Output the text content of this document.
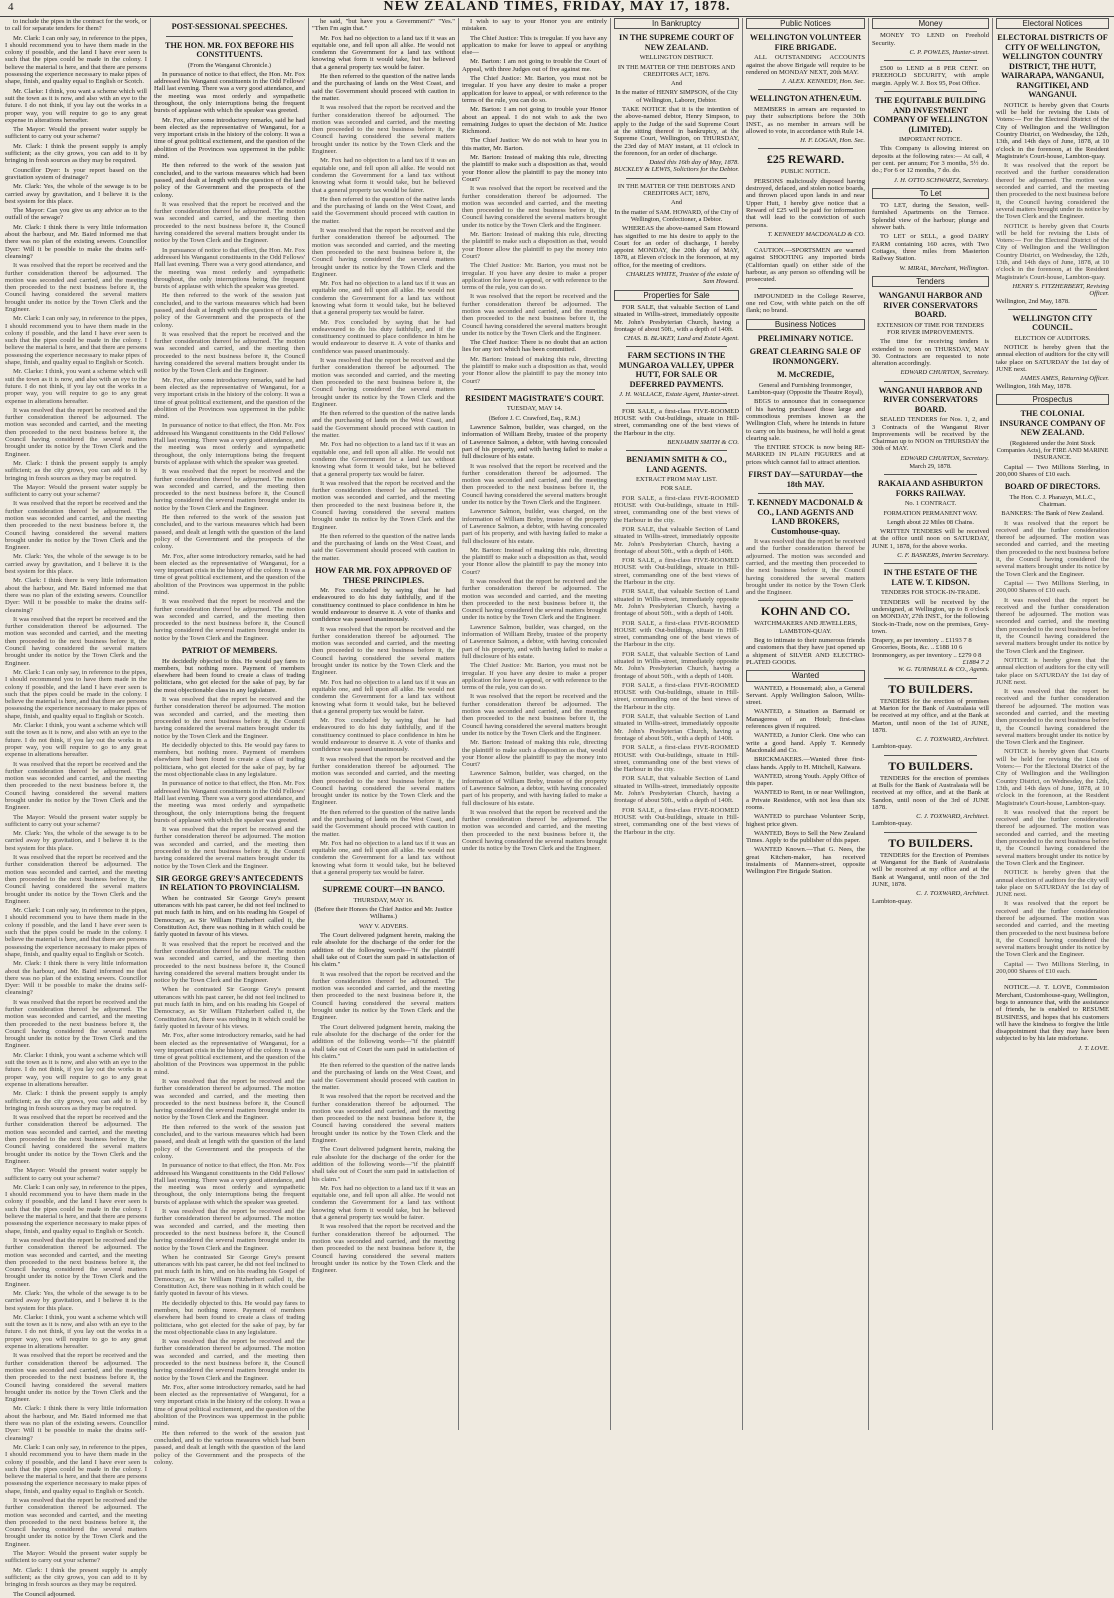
4	NEW ZEALAND TIMES, FRIDAY, MAY 17, 1878.

to include the pipes in the contract for the work, or to call for separate tenders for them?

Mr. Clark: I can only say, in reference to the pipes, I should recommend you to have them made in the colony if possible, and the land I have ever seen is such that the pipes could be made in the colony. I believe the material is here, and that there are persons possessing the experience necessary to make pipes of shape, finish, and quality equal to English or Scotch.

Mr. Clarke: I think, you want a scheme which will suit the town as it is now, and also with an eye to the future. I do not think, if you lay out the works in a proper way, you will require to go to any great expense in alterations hereafter.

The Mayor: Would the present water supply be sufficient to carry out your scheme?

Mr. Clark: I think the present supply is amply sufficient; as the city grows, you can add to it by bringing in fresh sources as they may be required.

Councillor Dyer: Is your report based on the gravitation system of drainage?

Mr. Clark: Yes, the whole of the sewage is to be carried away by gravitation, and I believe it is the best system for this place.

The Mayor: Can you give us any advice as to the outfall of the sewage?

Mr. Clark: I think there is very little information about the harbour, and Mr. Baird informed me that there was no plan of the existing sewers. Councillor Dyer: Will it be possible to make the drains self-cleansing?

It was resolved that the report be received and the further consideration thereof be adjourned. The motion was seconded and carried, and the meeting then proceeded to the next business before it, the Council having considered the several matters brought under its notice by the Town Clerk and the Engineer.

Mr. Clark: I can only say, in reference to the pipes, I should recommend you to have them made in the colony if possible, and the land I have ever seen is such that the pipes could be made in the colony. I believe the material is here, and that there are persons possessing the experience necessary to make pipes of shape, finish, and quality equal to English or Scotch.

Mr. Clarke: I think, you want a scheme which will suit the town as it is now, and also with an eye to the future. I do not think, if you lay out the works in a proper way, you will require to go to any great expense in alterations hereafter.

It was resolved that the report be received and the further consideration thereof be adjourned. The motion was seconded and carried, and the meeting then proceeded to the next business before it, the Council having considered the several matters brought under its notice by the Town Clerk and the Engineer.

Mr. Clark: I think the present supply is amply sufficient; as the city grows, you can add to it by bringing in fresh sources as they may be required.

The Mayor: Would the present water supply be sufficient to carry out your scheme?

It was resolved that the report be received and the further consideration thereof be adjourned. The motion was seconded and carried, and the meeting then proceeded to the next business before it, the Council having considered the several matters brought under its notice by the Town Clerk and the Engineer.

Mr. Clark: Yes, the whole of the sewage is to be carried away by gravitation, and I believe it is the best system for this place.

Mr. Clark: I think there is very little information about the harbour, and Mr. Baird informed me that there was no plan of the existing sewers. Councillor Dyer: Will it be possible to make the drains self-cleansing?

It was resolved that the report be received and the further consideration thereof be adjourned. The motion was seconded and carried, and the meeting then proceeded to the next business before it, the Council having considered the several matters brought under its notice by the Town Clerk and the Engineer.

Mr. Clark: I can only say, in reference to the pipes, I should recommend you to have them made in the colony if possible, and the land I have ever seen is such that the pipes could be made in the colony. I believe the material is here, and that there are persons possessing the experience necessary to make pipes of shape, finish, and quality equal to English or Scotch.

Mr. Clarke: I think, you want a scheme which will suit the town as it is now, and also with an eye to the future. I do not think, if you lay out the works in a proper way, you will require to go to any great expense in alterations hereafter.

It was resolved that the report be received and the further consideration thereof be adjourned. The motion was seconded and carried, and the meeting then proceeded to the next business before it, the Council having considered the several matters brought under its notice by the Town Clerk and the Engineer.

The Mayor: Would the present water supply be sufficient to carry out your scheme?

Mr. Clark: Yes, the whole of the sewage is to be carried away by gravitation, and I believe it is the best system for this place.

It was resolved that the report be received and the further consideration thereof be adjourned. The motion was seconded and carried, and the meeting then proceeded to the next business before it, the Council having considered the several matters brought under its notice by the Town Clerk and the Engineer.

Mr. Clark: I can only say, in reference to the pipes, I should recommend you to have them made in the colony if possible, and the land I have ever seen is such that the pipes could be made in the colony. I believe the material is here, and that there are persons possessing the experience necessary to make pipes of shape, finish, and quality equal to English or Scotch.

Mr. Clark: I think there is very little information about the harbour, and Mr. Baird informed me that there was no plan of the existing sewers. Councillor Dyer: Will it be possible to make the drains self-cleansing?

It was resolved that the report be received and the further consideration thereof be adjourned. The motion was seconded and carried, and the meeting then proceeded to the next business before it, the Council having considered the several matters brought under its notice by the Town Clerk and the Engineer.

Mr. Clarke: I think, you want a scheme which will suit the town as it is now, and also with an eye to the future. I do not think, if you lay out the works in a proper way, you will require to go to any great expense in alterations hereafter.

Mr. Clark: I think the present supply is amply sufficient; as the city grows, you can add to it by bringing in fresh sources as they may be required.

It was resolved that the report be received and the further consideration thereof be adjourned. The motion was seconded and carried, and the meeting then proceeded to the next business before it, the Council having considered the several matters brought under its notice by the Town Clerk and the Engineer.

The Mayor: Would the present water supply be sufficient to carry out your scheme?

Mr. Clark: I can only say, in reference to the pipes, I should recommend you to have them made in the colony if possible, and the land I have ever seen is such that the pipes could be made in the colony. I believe the material is here, and that there are persons possessing the experience necessary to make pipes of shape, finish, and quality equal to English or Scotch.

It was resolved that the report be received and the further consideration thereof be adjourned. The motion was seconded and carried, and the meeting then proceeded to the next business before it, the Council having considered the several matters brought under its notice by the Town Clerk and the Engineer.

Mr. Clark: Yes, the whole of the sewage is to be carried away by gravitation, and I believe it is the best system for this place.

Mr. Clarke: I think, you want a scheme which will suit the town as it is now, and also with an eye to the future. I do not think, if you lay out the works in a proper way, you will require to go to any great expense in alterations hereafter.

It was resolved that the report be received and the further consideration thereof be adjourned. The motion was seconded and carried, and the meeting then proceeded to the next business before it, the Council having considered the several matters brought under its notice by the Town Clerk and the Engineer.

Mr. Clark: I think there is very little information about the harbour, and Mr. Baird informed me that there was no plan of the existing sewers. Councillor Dyer: Will it be possible to make the drains self-cleansing?

Mr. Clark: I can only say, in reference to the pipes, I should recommend you to have them made in the colony if possible, and the land I have ever seen is such that the pipes could be made in the colony. I believe the material is here, and that there are persons possessing the experience necessary to make pipes of shape, finish, and quality equal to English or Scotch.

It was resolved that the report be received and the further consideration thereof be adjourned. The motion was seconded and carried, and the meeting then proceeded to the next business before it, the Council having considered the several matters brought under its notice by the Town Clerk and the Engineer.

The Mayor: Would the present water supply be sufficient to carry out your scheme?

Mr. Clark: I think the present supply is amply sufficient; as the city grows, you can add to it by bringing in fresh sources as they may be required.

The Council adjourned.

POST-SESSIONAL SPEECHES.
THE HON. MR. FOX BEFORE HIS CONSTITUENTS.
(From the Wanganui Chronicle.)

In pursuance of notice to that effect, the Hon. Mr. Fox addressed his Wanganui constituents in the Odd Fellows' Hall last evening. There was a very good attendance, and the meeting was most orderly and sympathetic throughout, the only interruptions being the frequent bursts of applause with which the speaker was greeted.

Mr. Fox, after some introductory remarks, said he had been elected as the representative of Wanganui, for a very important crisis in the history of the colony. It was a time of great political excitement, and the question of the abolition of the Provinces was uppermost in the public mind.

He then referred to the work of the session just concluded, and to the various measures which had been passed, and dealt at length with the question of the land policy of the Government and the prospects of the colony.

It was resolved that the report be received and the further consideration thereof be adjourned. The motion was seconded and carried, and the meeting then proceeded to the next business before it, the Council having considered the several matters brought under its notice by the Town Clerk and the Engineer.

In pursuance of notice to that effect, the Hon. Mr. Fox addressed his Wanganui constituents in the Odd Fellows' Hall last evening. There was a very good attendance, and the meeting was most orderly and sympathetic throughout, the only interruptions being the frequent bursts of applause with which the speaker was greeted.

He then referred to the work of the session just concluded, and to the various measures which had been passed, and dealt at length with the question of the land policy of the Government and the prospects of the colony.

It was resolved that the report be received and the further consideration thereof be adjourned. The motion was seconded and carried, and the meeting then proceeded to the next business before it, the Council having considered the several matters brought under its notice by the Town Clerk and the Engineer.

Mr. Fox, after some introductory remarks, said he had been elected as the representative of Wanganui, for a very important crisis in the history of the colony. It was a time of great political excitement, and the question of the abolition of the Provinces was uppermost in the public mind.

In pursuance of notice to that effect, the Hon. Mr. Fox addressed his Wanganui constituents in the Odd Fellows' Hall last evening. There was a very good attendance, and the meeting was most orderly and sympathetic throughout, the only interruptions being the frequent bursts of applause with which the speaker was greeted.

It was resolved that the report be received and the further consideration thereof be adjourned. The motion was seconded and carried, and the meeting then proceeded to the next business before it, the Council having considered the several matters brought under its notice by the Town Clerk and the Engineer.

He then referred to the work of the session just concluded, and to the various measures which had been passed, and dealt at length with the question of the land policy of the Government and the prospects of the colony.

Mr. Fox, after some introductory remarks, said he had been elected as the representative of Wanganui, for a very important crisis in the history of the colony. It was a time of great political excitement, and the question of the abolition of the Provinces was uppermost in the public mind.

It was resolved that the report be received and the further consideration thereof be adjourned. The motion was seconded and carried, and the meeting then proceeded to the next business before it, the Council having considered the several matters brought under its notice by the Town Clerk and the Engineer.

PATRIOT OF MEMBERS.

He decidedly objected to this. He would pay fares to members, but nothing more. Payment of members elsewhere had been found to create a class of trading politicians, who got elected for the sake of pay, by far the most objectionable class in any legislature.

It was resolved that the report be received and the further consideration thereof be adjourned. The motion was seconded and carried, and the meeting then proceeded to the next business before it, the Council having considered the several matters brought under its notice by the Town Clerk and the Engineer.

He decidedly objected to this. He would pay fares to members, but nothing more. Payment of members elsewhere had been found to create a class of trading politicians, who got elected for the sake of pay, by far the most objectionable class in any legislature.

In pursuance of notice to that effect, the Hon. Mr. Fox addressed his Wanganui constituents in the Odd Fellows' Hall last evening. There was a very good attendance, and the meeting was most orderly and sympathetic throughout, the only interruptions being the frequent bursts of applause with which the speaker was greeted.

It was resolved that the report be received and the further consideration thereof be adjourned. The motion was seconded and carried, and the meeting then proceeded to the next business before it, the Council having considered the several matters brought under its notice by the Town Clerk and the Engineer.

SIR GEORGE GREY'S ANTECEDENTS IN RELATION TO PROVINCIALISM.

When he contrasted Sir George Grey's present utterances with his past career, he did not feel inclined to put much faith in him, and on his reading his Gospel of Democracy, as Sir William Fitzherbert called it, the Constitution Act, there was nothing in it which could be fairly quoted in favour of his views.

It was resolved that the report be received and the further consideration thereof be adjourned. The motion was seconded and carried, and the meeting then proceeded to the next business before it, the Council having considered the several matters brought under its notice by the Town Clerk and the Engineer.

When he contrasted Sir George Grey's present utterances with his past career, he did not feel inclined to put much faith in him, and on his reading his Gospel of Democracy, as Sir William Fitzherbert called it, the Constitution Act, there was nothing in it which could be fairly quoted in favour of his views.

Mr. Fox, after some introductory remarks, said he had been elected as the representative of Wanganui, for a very important crisis in the history of the colony. It was a time of great political excitement, and the question of the abolition of the Provinces was uppermost in the public mind.

It was resolved that the report be received and the further consideration thereof be adjourned. The motion was seconded and carried, and the meeting then proceeded to the next business before it, the Council having considered the several matters brought under its notice by the Town Clerk and the Engineer.

He then referred to the work of the session just concluded, and to the various measures which had been passed, and dealt at length with the question of the land policy of the Government and the prospects of the colony.

In pursuance of notice to that effect, the Hon. Mr. Fox addressed his Wanganui constituents in the Odd Fellows' Hall last evening. There was a very good attendance, and the meeting was most orderly and sympathetic throughout, the only interruptions being the frequent bursts of applause with which the speaker was greeted.

It was resolved that the report be received and the further consideration thereof be adjourned. The motion was seconded and carried, and the meeting then proceeded to the next business before it, the Council having considered the several matters brought under its notice by the Town Clerk and the Engineer.

When he contrasted Sir George Grey's present utterances with his past career, he did not feel inclined to put much faith in him, and on his reading his Gospel of Democracy, as Sir William Fitzherbert called it, the Constitution Act, there was nothing in it which could be fairly quoted in favour of his views.

He decidedly objected to this. He would pay fares to members, but nothing more. Payment of members elsewhere had been found to create a class of trading politicians, who got elected for the sake of pay, by far the most objectionable class in any legislature.

It was resolved that the report be received and the further consideration thereof be adjourned. The motion was seconded and carried, and the meeting then proceeded to the next business before it, the Council having considered the several matters brought under its notice by the Town Clerk and the Engineer.

Mr. Fox, after some introductory remarks, said he had been elected as the representative of Wanganui, for a very important crisis in the history of the colony. It was a time of great political excitement, and the question of the abolition of the Provinces was uppermost in the public mind.

He then referred to the work of the session just concluded, and to the various measures which had been passed, and dealt at length with the question of the land policy of the Government and the prospects of the colony.

he said, "but have you a Government?" "Yes." "Then I'm agin that."

Mr. Fox had no objection to a land tax if it was an equitable one, and fell upon all alike. He would not condemn the Government for a land tax without knowing what form it would take, but he believed that a general property tax would be fairer.

He then referred to the question of the native lands and the purchasing of lands on the West Coast, and said the Government should proceed with caution in the matter.

It was resolved that the report be received and the further consideration thereof be adjourned. The motion was seconded and carried, and the meeting then proceeded to the next business before it, the Council having considered the several matters brought under its notice by the Town Clerk and the Engineer.

Mr. Fox had no objection to a land tax if it was an equitable one, and fell upon all alike. He would not condemn the Government for a land tax without knowing what form it would take, but he believed that a general property tax would be fairer.

He then referred to the question of the native lands and the purchasing of lands on the West Coast, and said the Government should proceed with caution in the matter.

It was resolved that the report be received and the further consideration thereof be adjourned. The motion was seconded and carried, and the meeting then proceeded to the next business before it, the Council having considered the several matters brought under its notice by the Town Clerk and the Engineer.

Mr. Fox had no objection to a land tax if it was an equitable one, and fell upon all alike. He would not condemn the Government for a land tax without knowing what form it would take, but he believed that a general property tax would be fairer.

Mr. Fox concluded by saying that he had endeavoured to do his duty faithfully, and if the constituency continued to place confidence in him he would endeavour to deserve it. A vote of thanks and confidence was passed unanimously.

It was resolved that the report be received and the further consideration thereof be adjourned. The motion was seconded and carried, and the meeting then proceeded to the next business before it, the Council having considered the several matters brought under its notice by the Town Clerk and the Engineer.

He then referred to the question of the native lands and the purchasing of lands on the West Coast, and said the Government should proceed with caution in the matter.

Mr. Fox had no objection to a land tax if it was an equitable one, and fell upon all alike. He would not condemn the Government for a land tax without knowing what form it would take, but he believed that a general property tax would be fairer.

It was resolved that the report be received and the further consideration thereof be adjourned. The motion was seconded and carried, and the meeting then proceeded to the next business before it, the Council having considered the several matters brought under its notice by the Town Clerk and the Engineer.

He then referred to the question of the native lands and the purchasing of lands on the West Coast, and said the Government should proceed with caution in the matter.

HOW FAR MR. FOX APPROVED OF THESE PRINCIPLES.

Mr. Fox concluded by saying that he had endeavoured to do his duty faithfully, and if the constituency continued to place confidence in him he would endeavour to deserve it. A vote of thanks and confidence was passed unanimously.

It was resolved that the report be received and the further consideration thereof be adjourned. The motion was seconded and carried, and the meeting then proceeded to the next business before it, the Council having considered the several matters brought under its notice by the Town Clerk and the Engineer.

Mr. Fox had no objection to a land tax if it was an equitable one, and fell upon all alike. He would not condemn the Government for a land tax without knowing what form it would take, but he believed that a general property tax would be fairer.

Mr. Fox concluded by saying that he had endeavoured to do his duty faithfully, and if the constituency continued to place confidence in him he would endeavour to deserve it. A vote of thanks and confidence was passed unanimously.

It was resolved that the report be received and the further consideration thereof be adjourned. The motion was seconded and carried, and the meeting then proceeded to the next business before it, the Council having considered the several matters brought under its notice by the Town Clerk and the Engineer.

He then referred to the question of the native lands and the purchasing of lands on the West Coast, and said the Government should proceed with caution in the matter.

Mr. Fox had no objection to a land tax if it was an equitable one, and fell upon all alike. He would not condemn the Government for a land tax without knowing what form it would take, but he believed that a general property tax would be fairer.

SUPREME COURT—IN BANCO.
THURSDAY, MAY 16.
(Before their Honors the Chief Justice and Mr. Justice Williams.)
WAY V. ADVERS.

The Court delivered judgment herein, making the rule absolute for the discharge of the order for the addition of the following words—"if the plaintiff shall take out of Court the sum paid in satisfaction of his claim."

It was resolved that the report be received and the further consideration thereof be adjourned. The motion was seconded and carried, and the meeting then proceeded to the next business before it, the Council having considered the several matters brought under its notice by the Town Clerk and the Engineer.

The Court delivered judgment herein, making the rule absolute for the discharge of the order for the addition of the following words—"if the plaintiff shall take out of Court the sum paid in satisfaction of his claim."

He then referred to the question of the native lands and the purchasing of lands on the West Coast, and said the Government should proceed with caution in the matter.

It was resolved that the report be received and the further consideration thereof be adjourned. The motion was seconded and carried, and the meeting then proceeded to the next business before it, the Council having considered the several matters brought under its notice by the Town Clerk and the Engineer.

The Court delivered judgment herein, making the rule absolute for the discharge of the order for the addition of the following words—"if the plaintiff shall take out of Court the sum paid in satisfaction of his claim."

Mr. Fox had no objection to a land tax if it was an equitable one, and fell upon all alike. He would not condemn the Government for a land tax without knowing what form it would take, but he believed that a general property tax would be fairer.

It was resolved that the report be received and the further consideration thereof be adjourned. The motion was seconded and carried, and the meeting then proceeded to the next business before it, the Council having considered the several matters brought under its notice by the Town Clerk and the Engineer.

I wish to say to your Honor you are entirely mistaken.

The Chief Justice: This is irregular. If you have any application to make for leave to appeal or anything else—

Mr. Barton: I am not going to trouble the Court of Appeal, with three Judges out of five against me.

The Chief Justice: Mr. Barton, you must not be irregular. If you have any desire to make a proper application for leave to appeal, or with reference to the terms of the rule, you can do so.

Mr. Barton: I am not going to trouble your Honor about an appeal. I do not wish to ask the two remaining Judges to upset the decision of Mr. Justice Richmond.

The Chief Justice: We do not wish to hear you in this matter, Mr. Barton.

Mr. Barton: Instead of making this rule, directing the plaintiff to make such a disposition as that, would your Honor allow the plaintiff to pay the money into Court?

It was resolved that the report be received and the further consideration thereof be adjourned. The motion was seconded and carried, and the meeting then proceeded to the next business before it, the Council having considered the several matters brought under its notice by the Town Clerk and the Engineer.

Mr. Barton: Instead of making this rule, directing the plaintiff to make such a disposition as that, would your Honor allow the plaintiff to pay the money into Court?

The Chief Justice: Mr. Barton, you must not be irregular. If you have any desire to make a proper application for leave to appeal, or with reference to the terms of the rule, you can do so.

It was resolved that the report be received and the further consideration thereof be adjourned. The motion was seconded and carried, and the meeting then proceeded to the next business before it, the Council having considered the several matters brought under its notice by the Town Clerk and the Engineer.

The Chief Justice: There is no doubt that an action lies for any tort which has been committed.

Mr. Barton: Instead of making this rule, directing the plaintiff to make such a disposition as that, would your Honor allow the plaintiff to pay the money into Court?

RESIDENT MAGISTRATE'S COURT.
TUESDAY, MAY 14.
(Before J. C. Crawford, Esq., R.M.)

Lawrence Salmon, builder, was charged, on the information of William Breby, trustee of the property of Lawrence Salmon, a debtor, with having concealed part of his property, and with having failed to make a full disclosure of his estate.

It was resolved that the report be received and the further consideration thereof be adjourned. The motion was seconded and carried, and the meeting then proceeded to the next business before it, the Council having considered the several matters brought under its notice by the Town Clerk and the Engineer.

Lawrence Salmon, builder, was charged, on the information of William Breby, trustee of the property of Lawrence Salmon, a debtor, with having concealed part of his property, and with having failed to make a full disclosure of his estate.

Mr. Barton: Instead of making this rule, directing the plaintiff to make such a disposition as that, would your Honor allow the plaintiff to pay the money into Court?

It was resolved that the report be received and the further consideration thereof be adjourned. The motion was seconded and carried, and the meeting then proceeded to the next business before it, the Council having considered the several matters brought under its notice by the Town Clerk and the Engineer.

Lawrence Salmon, builder, was charged, on the information of William Breby, trustee of the property of Lawrence Salmon, a debtor, with having concealed part of his property, and with having failed to make a full disclosure of his estate.

The Chief Justice: Mr. Barton, you must not be irregular. If you have any desire to make a proper application for leave to appeal, or with reference to the terms of the rule, you can do so.

It was resolved that the report be received and the further consideration thereof be adjourned. The motion was seconded and carried, and the meeting then proceeded to the next business before it, the Council having considered the several matters brought under its notice by the Town Clerk and the Engineer.

Mr. Barton: Instead of making this rule, directing the plaintiff to make such a disposition as that, would your Honor allow the plaintiff to pay the money into Court?

Lawrence Salmon, builder, was charged, on the information of William Breby, trustee of the property of Lawrence Salmon, a debtor, with having concealed part of his property, and with having failed to make a full disclosure of his estate.

It was resolved that the report be received and the further consideration thereof be adjourned. The motion was seconded and carried, and the meeting then proceeded to the next business before it, the Council having considered the several matters brought under its notice by the Town Clerk and the Engineer.

In Bankruptcy
IN THE SUPREME COURT OF NEW ZEALAND.
WELLINGTON DISTRICT.
IN THE MATTER OF THE DEBTORS AND CREDITORS ACT, 1876.
And
In the matter of HENRY SIMPSON, of the City of Wellington, Laborer, Debtor.

TAKE NOTICE that it is the intention of the above-named debtor, Henry Simpson, to apply to the Judge of the said Supreme Court at the sitting thereof in bankruptcy, at the Supreme Court, Wellington, on THURSDAY, the 23rd day of MAY instant, at 11 o'clock in the forenoon, for an order of discharge.

Dated this 16th day of May, 1878.
BUCKLEY & LEWIS, Solicitors for the Debtor.
IN THE MATTER OF THE DEBTORS AND CREDITORS ACT, 1876,
And
In the matter of SAM. HOWARD, of the City of Wellington, Confectioner, a Debtor.

WHEREAS the above-named Sam Howard has signified to me his desire to apply to the Court for an order of discharge, I hereby appoint MONDAY, the 20th day of MAY, 1878, at Eleven o'clock in the forenoon, at my office, for the meeting of creditors.

CHARLES WHITE, Trustee of the estate of Sam Howard.
Properties for Sale

FOR SALE, that valuable Section of Land situated in Willis-street, immediately opposite Mr. John's Presbyterian Church, having a frontage of about 50ft., with a depth of 140ft.

CHAS. B. BLAKEY, Land and Estate Agent.
FARM SECTIONS IN THE MUNGAROA VALLEY, UPPER HUTT, FOR SALE OR DEFERRED PAYMENTS.
J. H. WALLACE, Estate Agent, Hunter-street.

FOR SALE, a first-class FIVE-ROOMED HOUSE with Out-buildings, situate in Hill-street, commanding one of the best views of the Harbour in the city.

BENJAMIN SMITH & CO.
BENJAMIN SMITH & CO., LAND AGENTS.
EXTRACT FROM MAY LIST.
FOR SALE.

FOR SALE, a first-class FIVE-ROOMED HOUSE with Out-buildings, situate in Hill-street, commanding one of the best views of the Harbour in the city.

FOR SALE, that valuable Section of Land situated in Willis-street, immediately opposite Mr. John's Presbyterian Church, having a frontage of about 50ft., with a depth of 140ft.

FOR SALE, a first-class FIVE-ROOMED HOUSE with Out-buildings, situate in Hill-street, commanding one of the best views of the Harbour in the city.

FOR SALE, that valuable Section of Land situated in Willis-street, immediately opposite Mr. John's Presbyterian Church, having a frontage of about 50ft., with a depth of 140ft.

FOR SALE, a first-class FIVE-ROOMED HOUSE with Out-buildings, situate in Hill-street, commanding one of the best views of the Harbour in the city.

FOR SALE, that valuable Section of Land situated in Willis-street, immediately opposite Mr. John's Presbyterian Church, having a frontage of about 50ft., with a depth of 140ft.

FOR SALE, a first-class FIVE-ROOMED HOUSE with Out-buildings, situate in Hill-street, commanding one of the best views of the Harbour in the city.

FOR SALE, that valuable Section of Land situated in Willis-street, immediately opposite Mr. John's Presbyterian Church, having a frontage of about 50ft., with a depth of 140ft.

FOR SALE, a first-class FIVE-ROOMED HOUSE with Out-buildings, situate in Hill-street, commanding one of the best views of the Harbour in the city.

FOR SALE, that valuable Section of Land situated in Willis-street, immediately opposite Mr. John's Presbyterian Church, having a frontage of about 50ft., with a depth of 140ft.

FOR SALE, a first-class FIVE-ROOMED HOUSE with Out-buildings, situate in Hill-street, commanding one of the best views of the Harbour in the city.

Public Notices
WELLINGTON VOLUNTEER FIRE BRIGADE.

ALL OUTSTANDING ACCOUNTS against the above Brigade will require to be rendered on MONDAY NEXT, 20th MAY.

J. ALEX. KENNEDY, Hon. Sec.
WELLINGTON ATHENÆUM.

MEMBERS in arrears are requested to pay their subscriptions before the 30th INST., as no member in arrears will be allowed to vote, in accordance with Rule 14.

H. F. LOGAN, Hon. Sec.
£25 REWARD.
PUBLIC NOTICE.

PERSONS maliciously disposed having destroyed, defaced, and stolen notice boards, and thrown placed upon lands in and near Upper Hutt, I hereby give notice that a Reward of £25 will be paid for information that will lead to the conviction of such persons.

T. KENNEDY MACDONALD & CO.

CAUTION.—SPORTSMEN are warned against SHOOTING any imported birds (Californian quail) on either side of the harbour, as any person so offending will be prosecuted.

IMPOUNDED in the College Reserve, one red Cow, with white patch on the off flank; no brand.

Business Notices
PRELIMINARY NOTICE.
GREAT CLEARING SALE OF IRONMONGERY.
M. McCREDIE,
General and Furnishing Ironmonger, Lambton-quay (Opposite the Theatre Royal),

BEGS to announce that in consequence of his having purchased those large and commodious premises known as the Wellington Club, where he intends in future to carry on his business, he will hold a great clearing sale.

The ENTIRE STOCK is now being RE-MARKED IN PLAIN FIGURES and at prices which cannot fail to attract attention.

FIRST DAY—SATURDAY—the 18th MAY.
T. KENNEDY MACDONALD & CO., LAND AGENTS AND LAND BROKERS, Customhouse-quay.

It was resolved that the report be received and the further consideration thereof be adjourned. The motion was seconded and carried, and the meeting then proceeded to the next business before it, the Council having considered the several matters brought under its notice by the Town Clerk and the Engineer.

KOHN AND CO.
WATCHMAKERS AND JEWELLERS, LAMBTON-QUAY.

Beg to intimate to their numerous friends and customers that they have just opened up a shipment of SILVER AND ELECTRO-PLATED GOODS.

Wanted

WANTED, a Housemaid; also, a General Servant. Apply Wellington Saloon, Willis-street.

WANTED, a Situation as Barmaid or Manageress of an Hotel; first-class references given if required.

WANTED, a Junior Clerk. One who can write a good hand. Apply T. Kennedy Macdonald and Co.

BRICKMAKERS.—Wanted three first-class hands. Apply to H. Mitchell, Kaiwara.

WANTED, strong Youth. Apply Office of this paper.

WANTED to Rent, in or near Wellington, a Private Residence, with not less than six rooms.

WANTED to purchase Volunteer Scrip, highest price given.

WANTED, Boys to Sell the New Zealand Times. Apply to the publisher of this paper.

WANTED Known.—That G. Nees, the great Kitchen-maker, has received instalments of Manners-street, opposite Wellington Fire Brigade Station.

Money

MONEY TO LEND on Freehold Security.

C. P. POWLES, Hunter-street.

£500 to LEND at 8 PER CENT. on FREEHOLD SECURITY, with ample margin. Apply W. J. Box 95, Post Office.

THE EQUITABLE BUILDING AND INVESTMENT COMPANY OF WELLINGTON (LIMITED).
IMPORTANT NOTICE.

This Company is allowing interest on deposits at the following rates:— At call, 4 per cent. per annum; For 3 months, 5½ do. do.; For 6 or 12 months, 7 do. do.

J. H. OTTO SCHWARTZ, Secretary.
To Let

TO LET, during the Session, well-furnished Apartments on the Terrace. Splendid view of the harbour; plunge and shower bath.

TO LET or SELL, a good DAIRY FARM containing 160 acres, with Two Cottages, three miles from Masterton Railway Station.

W. MIRAL, Merchant, Wellington.
Tenders
WANGANUI HARBOR AND RIVER CONSERVATORS BOARD.
EXTENSION OF TIME FOR TENDERS FOR RIVER IMPROVEMENTS.

The time for receiving tenders is extended to noon on THURSDAY, MAY 30. Contractors are requested to note alteration accordingly.

EDWARD CHURTON, Secretary.
WANGANUI HARBOR AND RIVER CONSERVATORS BOARD.

SEALED TENDERS for Nos. 1, 2, and 3 Contracts of the Wanganui River Improvements will be received by the Chairman up to NOON on THURSDAY the 30th of MAY.

EDWARD CHURTON, Secretary.
March 29, 1878.
RAKAIA AND ASHBURTON FORKS RAILWAY.
No. 1 CONTRACT.
FORMATION PERMANENT WAY.
Length about 22 Miles 08 Chains.

WRITTEN TENDERS will be received at the office until noon on SATURDAY, JUNE 1, 1878, for the above works.

C. F. BASKERS, Interim Secretary.
IN THE ESTATE OF THE LATE W. T. KIDSON.
TENDERS FOR STOCK-IN-TRADE.

TENDERS will be received by the undersigned, at Wellington, up to 8 o'clock on MONDAY, 27th INST., for the following Stock-in-Trade, now on the premises, Grey-town.

Drapery, as per inventory .. £1193 7 8
Groceries, Boots, &c. .. £188 10 6
Ironmongery, as per inventory .. £279 0 8
£1884 7 2
W. G. TURNBULL & CO., Agents.
TO BUILDERS.

TENDERS for the erection of premises at Marton for the Bank of Australasia will be received at my office, and at the Bank at Marton, until noon of the 1st of JUNE, 1878.

C. J. TOXWARD, Architect.
Lambton-quay.
TO BUILDERS.

TENDERS for the erection of premises at Bulls for the Bank of Australasia will be received at my office, and at the Bank at Sandon, until noon of the 3rd of JUNE 1878.

C. J. TOXWARD, Architect.
Lambton-quay.
TO BUILDERS.

TENDERS for the Erection of Premises at Wanganui for the Bank of Australasia will be received at my office and at the Bank at Wanganui, until noon of the 3rd JUNE, 1878.

C. J. TOXWARD, Architect.
Lambton-quay.
Electoral Notices
ELECTORAL DISTRICTS OF CITY OF WELLINGTON, WELLINGTON COUNTRY DISTRICT, THE HUTT, WAIRARAPA, WANGANUI, RANGITIKEI, AND WANGANUI.

NOTICE is hereby given that Courts will be held for revising the Lists of Voters:— For the Electoral District of the City of Wellington and the Wellington Country District, on Wednesday, the 12th, 13th, and 14th days of June, 1878, at 10 o'clock in the forenoon, at the Resident Magistrate's Court-house, Lambton-quay.

It was resolved that the report be received and the further consideration thereof be adjourned. The motion was seconded and carried, and the meeting then proceeded to the next business before it, the Council having considered the several matters brought under its notice by the Town Clerk and the Engineer.

NOTICE is hereby given that Courts will be held for revising the Lists of Voters:— For the Electoral District of the City of Wellington and the Wellington Country District, on Wednesday, the 12th, 13th, and 14th days of June, 1878, at 10 o'clock in the forenoon, at the Resident Magistrate's Court-house, Lambton-quay.

HENRY S. FITZHERBERT, Revising Officer.
Wellington, 2nd May, 1878.
WELLINGTON CITY COUNCIL.
ELECTION OF AUDITORS.

NOTICE is hereby given that the annual election of auditors for the city will take place on SATURDAY the 1st day of JUNE next.

JAMES AMES, Returning Officer.
Wellington, 16th May, 1878.
Prospectus
THE COLONIAL INSURANCE COMPANY OF NEW ZEALAND.
(Registered under the Joint Stock Companies Acts), for FIRE AND MARINE INSURANCE.

Capital — Two Millions Sterling, in 200,000 Shares of £10 each.

BOARD OF DIRECTORS.
The Hon. C. J. Pharazyn, M.L.C., Chairman.
BANKERS: The Bank of New Zealand.

It was resolved that the report be received and the further consideration thereof be adjourned. The motion was seconded and carried, and the meeting then proceeded to the next business before it, the Council having considered the several matters brought under its notice by the Town Clerk and the Engineer.

Capital — Two Millions Sterling, in 200,000 Shares of £10 each.

It was resolved that the report be received and the further consideration thereof be adjourned. The motion was seconded and carried, and the meeting then proceeded to the next business before it, the Council having considered the several matters brought under its notice by the Town Clerk and the Engineer.

NOTICE is hereby given that the annual election of auditors for the city will take place on SATURDAY the 1st day of JUNE next.

It was resolved that the report be received and the further consideration thereof be adjourned. The motion was seconded and carried, and the meeting then proceeded to the next business before it, the Council having considered the several matters brought under its notice by the Town Clerk and the Engineer.

NOTICE is hereby given that Courts will be held for revising the Lists of Voters:— For the Electoral District of the City of Wellington and the Wellington Country District, on Wednesday, the 12th, 13th, and 14th days of June, 1878, at 10 o'clock in the forenoon, at the Resident Magistrate's Court-house, Lambton-quay.

It was resolved that the report be received and the further consideration thereof be adjourned. The motion was seconded and carried, and the meeting then proceeded to the next business before it, the Council having considered the several matters brought under its notice by the Town Clerk and the Engineer.

NOTICE is hereby given that the annual election of auditors for the city will take place on SATURDAY the 1st day of JUNE next.

It was resolved that the report be received and the further consideration thereof be adjourned. The motion was seconded and carried, and the meeting then proceeded to the next business before it, the Council having considered the several matters brought under its notice by the Town Clerk and the Engineer.

Capital — Two Millions Sterling, in 200,000 Shares of £10 each.

NOTICE.—J. T. LOVE, Commission Merchant, Customhouse-quay, Wellington, begs to announce that, with the assistance of friends, he is enabled to RESUME BUSINESS, and hopes that his customers will have the kindness to forgive the little disappointment that they may have been subjected to by his late misfortune.

J. T. LOVE.
